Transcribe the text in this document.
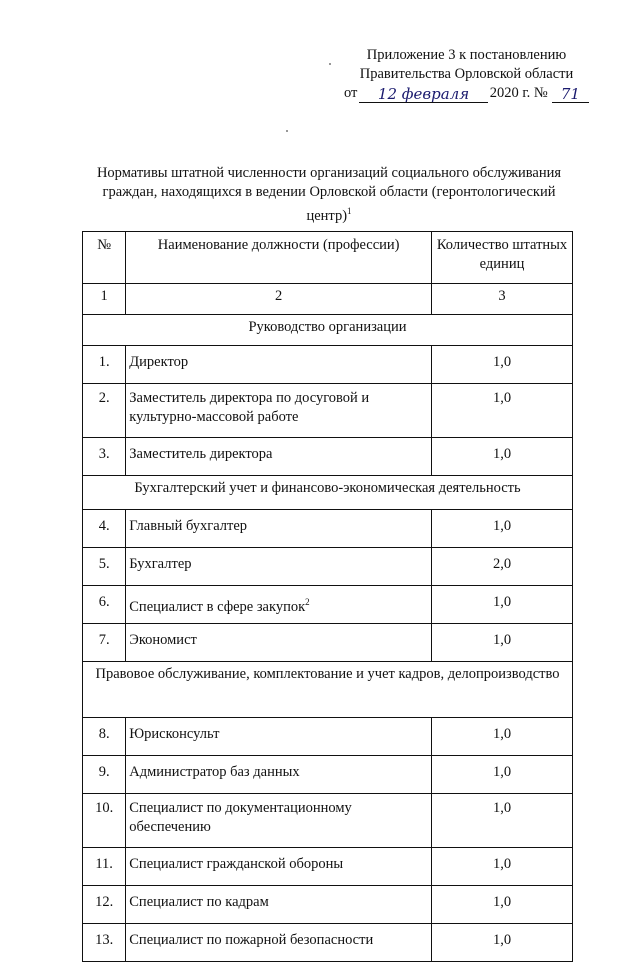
Приложение 3 к постановлению
Правительства Орловской области
от	12 февраля	2020 г. № 71
Нормативы штатной численности организаций социального обслуживания граждан, находящихся в ведении Орловской области (геронтологический центр)$^1$
№	Наименование должности (профессии)	Количество штатных единиц
1	2	3
Руководство организации		
1.	Директор	1,0
2.	Заместитель директора по досуговой и культурно-массовой работе	1,0
3.	Заместитель директора	1,0
Бухгалтерский учет и финансово-экономическая деятельность		
4.	Главный бухгалтер	1,0
5.	Бухгалтер	2,0
6.	Специалист в сфере закупок$^2$	1,0
7.	Экономист	1,0
Правовое обслуживание, комплектование и учет кадров, делопроизводство		
8.	Юрисконсульт	1,0
9.	Администратор баз данных	1,0
10.	Специалист по документационному обеспечению	1,0
11.	Специалист гражданской обороны	1,0
12.	Специалист по кадрам	1,0
13.	Специалист по пожарной безопасности	1,0
